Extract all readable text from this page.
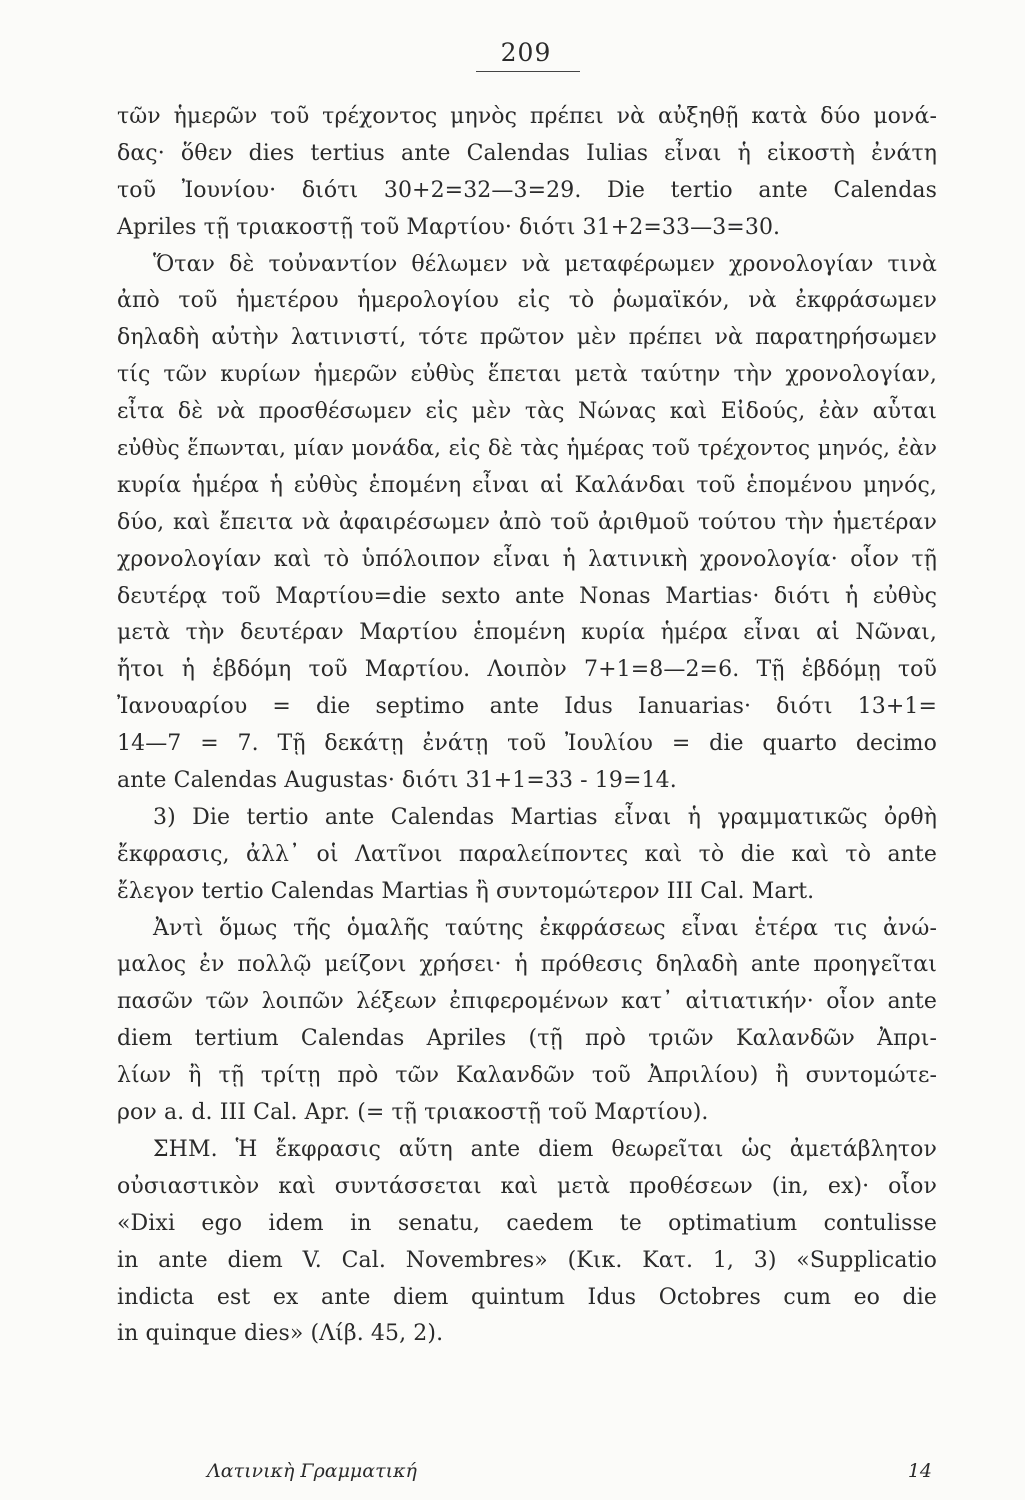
209
τῶν ἡμερῶν τοῦ τρέχοντος μηνὸς πρέπει νὰ αὐξηθῇ κατὰ δύο μονά-
δας· ὅθεν dies tertius ante Calendas Iulias εἶναι ἡ εἰκοστὴ ἐνάτη
τοῦ Ἰουνίου· διότι 30+2=32—3=29. Die tertio ante Calendas
Apriles τῇ τριακοστῇ τοῦ Μαρτίου· διότι 31+2=33—3=30.
Ὅταν δὲ τοὐναντίον θέλωμεν νὰ μεταφέρωμεν χρονολογίαν τινὰ
ἀπὸ τοῦ ἡμετέρου ἡμερολογίου εἰς τὸ ῥωμαϊκόν, νὰ ἐκφράσωμεν
δηλαδὴ αὐτὴν λατινιστί, τότε πρῶτον μὲν πρέπει νὰ παρατηρήσωμεν
τίς τῶν κυρίων ἡμερῶν εὐθὺς ἕπεται μετὰ ταύτην τὴν χρονολογίαν,
εἶτα δὲ νὰ προσθέσωμεν εἰς μὲν τὰς Νώνας καὶ Εἰδούς, ἐὰν αὗται
εὐθὺς ἕπωνται, μίαν μονάδα, εἰς δὲ τὰς ἡμέρας τοῦ τρέχοντος μηνός, ἐὰν
κυρία ἡμέρα ἡ εὐθὺς ἑπομένη εἶναι αἱ Καλάνδαι τοῦ ἑπομένου μηνός,
δύο, καὶ ἔπειτα νὰ ἀφαιρέσωμεν ἀπὸ τοῦ ἀριθμοῦ τούτου τὴν ἡμετέραν
χρονολογίαν καὶ τὸ ὑπόλοιπον εἶναι ἡ λατινικὴ χρονολογία· οἷον τῇ
δευτέρᾳ τοῦ Μαρτίου=die sexto ante Nonas Martias· διότι ἡ εὐθὺς
μετὰ τὴν δευτέραν Μαρτίου ἑπομένη κυρία ἡμέρα εἶναι αἱ Νῶναι,
ἤτοι ἡ ἑβδόμη τοῦ Μαρτίου. Λοιπὸν 7+1=8—2=6. Τῇ ἑβδόμῃ τοῦ
Ἰανουαρίου = die septimo ante Idus Ianuarias· διότι 13+1=
14—7 = 7. Τῇ δεκάτῃ ἐνάτῃ τοῦ Ἰουλίου = die quarto decimo
ante Calendas Augustas· διότι 31+1=33 - 19=14.
3) Die tertio ante Calendas Martias εἶναι ἡ γραμματικῶς ὀρθὴ
ἔκφρασις, ἀλλ᾿ οἱ Λατῖνοι παραλείποντες καὶ τὸ die καὶ τὸ ante
ἔλεγον tertio Calendas Martias ἢ συντομώτερον III Cal. Mart.
Ἀντὶ ὅμως τῆς ὁμαλῆς ταύτης ἐκφράσεως εἶναι ἑτέρα τις ἀνώ-
μαλος ἐν πολλῷ μείζονι χρήσει· ἡ πρόθεσις δηλαδὴ ante προηγεῖται
πασῶν τῶν λοιπῶν λέξεων ἐπιφερομένων κατ᾿ αἰτιατικήν· οἷον ante
diem tertium Calendas Apriles (τῇ πρὸ τριῶν Καλανδῶν Ἀπρι-
λίων ἢ τῇ τρίτῃ πρὸ τῶν Καλανδῶν τοῦ Ἀπριλίου) ἢ συντομώτε-
ρον a. d. III Cal. Apr. (= τῇ τριακοστῇ τοῦ Μαρτίου).
ΣΗΜ. Ἡ ἔκφρασις αὕτη ante diem θεωρεῖται ὡς ἀμετάβλητον
οὐσιαστικὸν καὶ συντάσσεται καὶ μετὰ προθέσεων (in, ex)· οἷον
«Dixi ego idem in senatu, caedem te optimatium contulisse
in ante diem V. Cal. Novembres» (Κικ. Κατ. 1, 3) «Supplicatio
indicta est ex ante diem quintum Idus Octobres cum eo die
in quinque dies» (Λίβ. 45, 2).
Λατινικὴ Γραμματική	14
